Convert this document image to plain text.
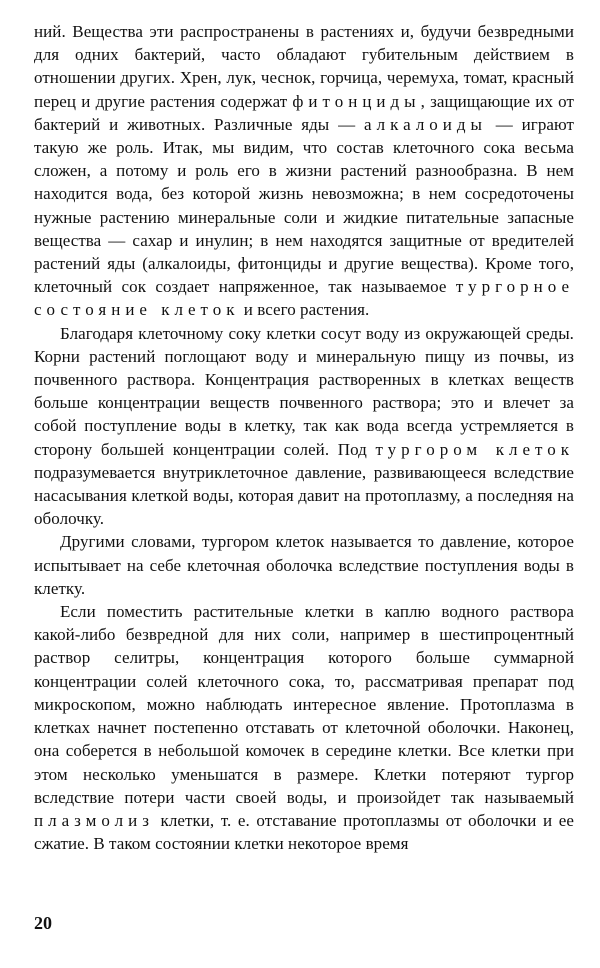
ний. Вещества эти распространены в растениях и, будучи безвредными для одних бактерий, часто обладают губительным действием в отношении других. Хрен, лук, чеснок, горчица, черемуха, томат, красный перец и другие растения содержат фитонциды, защищающие их от бактерий и животных. Различные яды — алкалоиды — играют такую же роль. Итак, мы видим, что состав клеточного сока весьма сложен, а потому и роль его в жизни растений разнообразна. В нем находится вода, без которой жизнь невозможна; в нем сосредоточены нужные растению минеральные соли и жидкие питательные запасные вещества — сахар и инулин; в нем находятся защитные от вредителей растений яды (алкалоиды, фитонциды и другие вещества). Кроме того, клеточный сок создает напряженное, так называемое тургорное состояние клеток и всего растения.

Благодаря клеточному соку клетки сосут воду из окружающей среды. Корни растений поглощают воду и минеральную пищу из почвы, из почвенного раствора. Концентрация растворенных в клетках веществ больше концентрации веществ почвенного раствора; это и влечет за собой поступление воды в клетку, так как вода всегда устремляется в сторону большей концентрации солей. Под тургором клеток подразумевается внутриклеточное давление, развивающееся вследствие насасывания клеткой воды, которая давит на протоплазму, а последняя на оболочку.

Другими словами, тургором клеток называется то давление, которое испытывает на себе клеточная оболочка вследствие поступления воды в клетку.

Если поместить растительные клетки в каплю водного раствора какой-либо безвредной для них соли, например в шестипроцентный раствор селитры, концентрация которого больше суммарной концентрации солей клеточного сока, то, рассматривая препарат под микроскопом, можно наблюдать интересное явление. Протоплазма в клетках начнет постепенно отставать от клеточной оболочки. Наконец, она соберется в небольшой комочек в середине клетки. Все клетки при этом несколько уменьшатся в размере. Клетки потеряют тургор вследствие потери части своей воды, и произойдет так называемый плазмолиз клетки, т. е. отставание протоплазмы от оболочки и ее сжатие. В таком состоянии клетки некоторое время

20
